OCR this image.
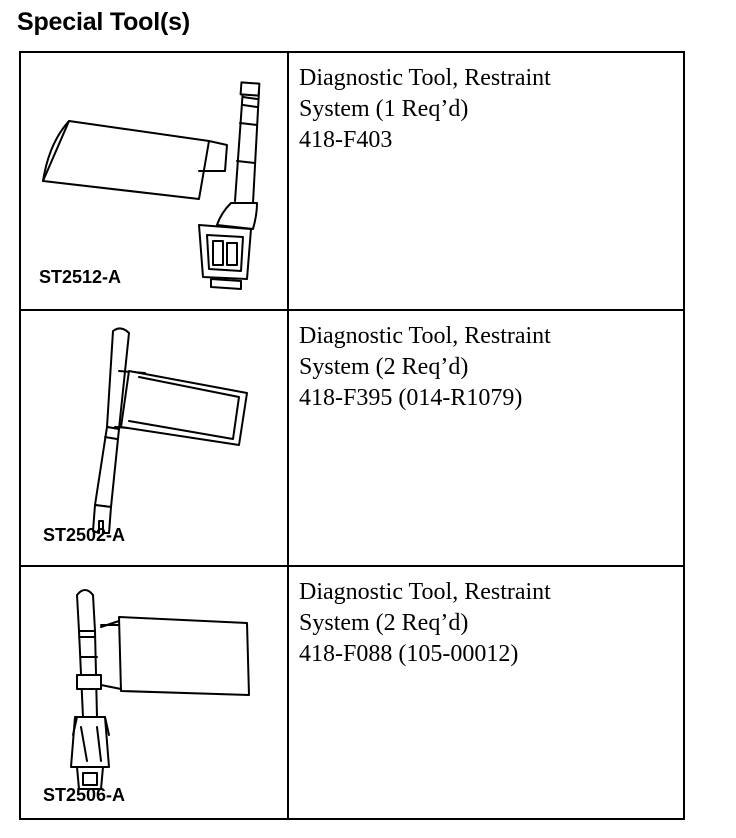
Special Tool(s)
ST2512-A
Diagnostic Tool, Restraint
System (1 Req’d)
418-F403
ST2502-A
Diagnostic Tool, Restraint
System (2 Req’d)
418-F395 (014-R1079)
ST2506-A
Diagnostic Tool, Restraint
System (2 Req’d)
418-F088 (105-00012)
